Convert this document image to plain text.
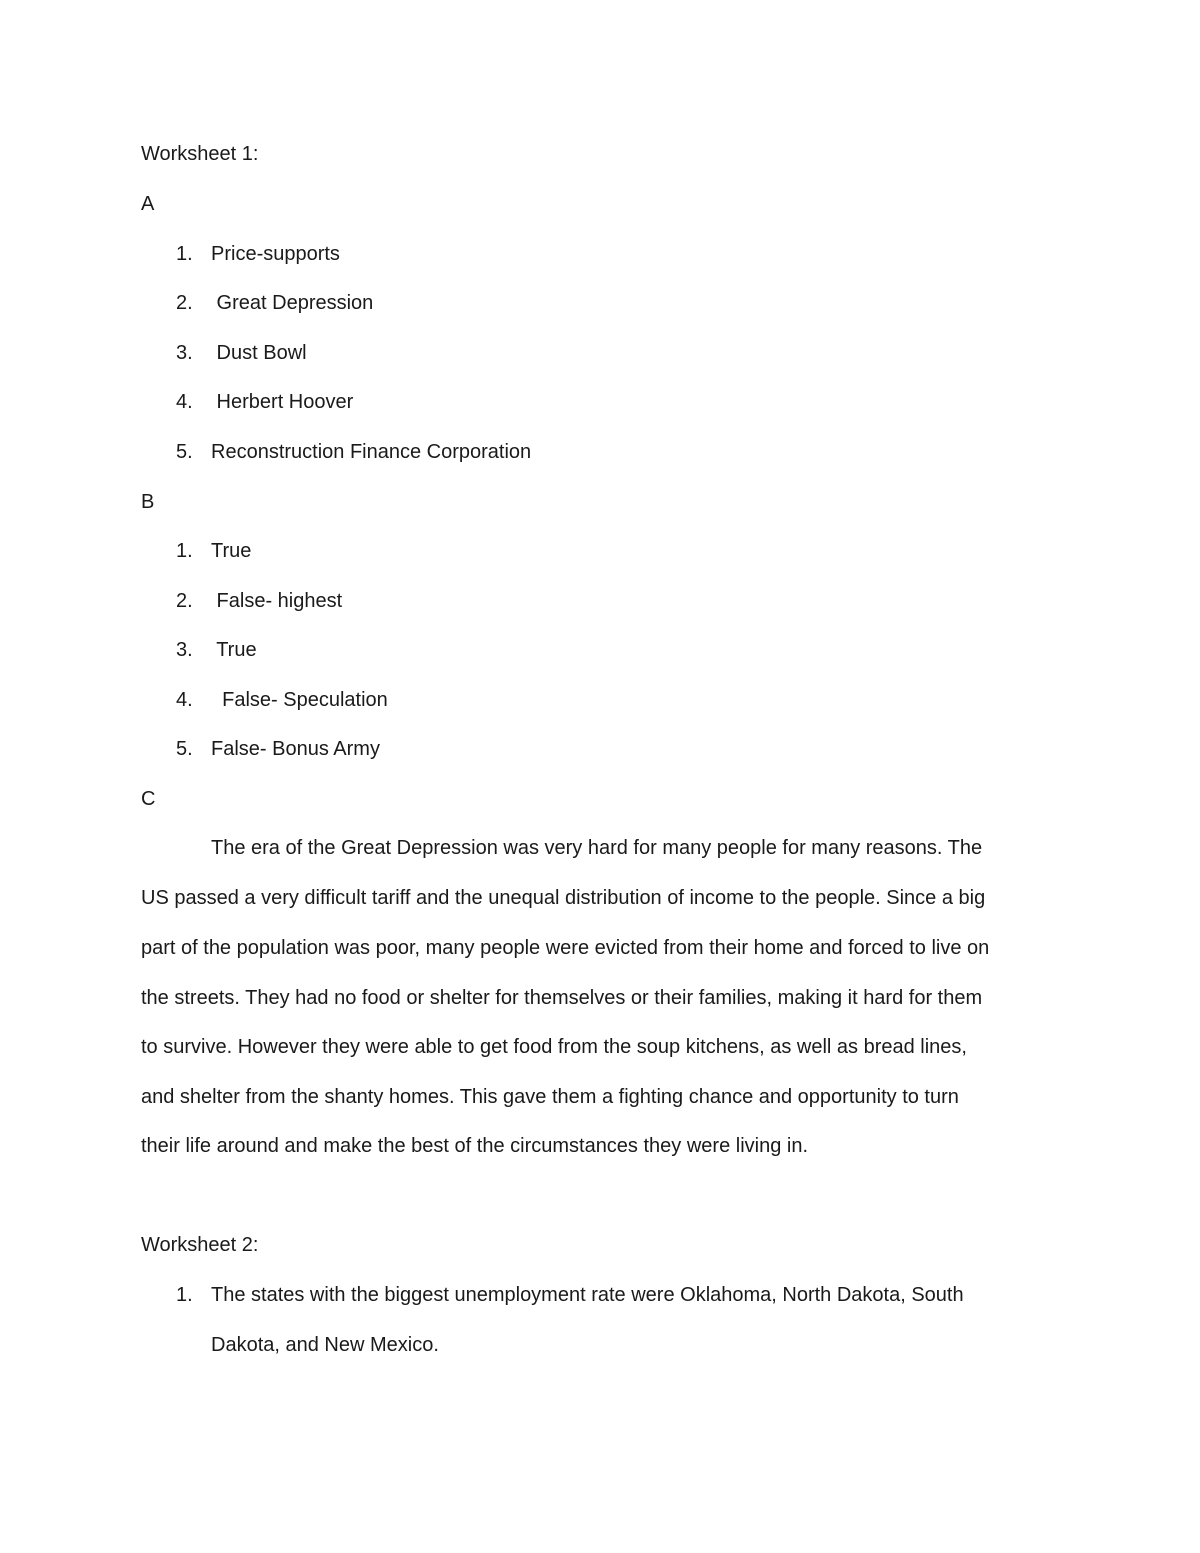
Worksheet 1:
A
1. Price-supports
2. Great Depression
3. Dust Bowl
4. Herbert Hoover
5. Reconstruction Finance Corporation
B
1. True
2. False- highest
3. True
4. False- Speculation
5. False- Bonus Army
C
The era of the Great Depression was very hard for many people for many reasons. The
US passed a very difficult tariff and the unequal distribution of income to the people. Since a big
part of the population was poor, many people were evicted from their home and forced to live on
the streets. They had no food or shelter for themselves or their families, making it hard for them
to survive. However they were able to get food from the soup kitchens, as well as bread lines,
and shelter from the shanty homes. This gave them a fighting chance and opportunity to turn
their life around and make the best of the circumstances they were living in.
Worksheet 2:
1. The states with the biggest unemployment rate were Oklahoma, North Dakota, South
Dakota, and New Mexico.
